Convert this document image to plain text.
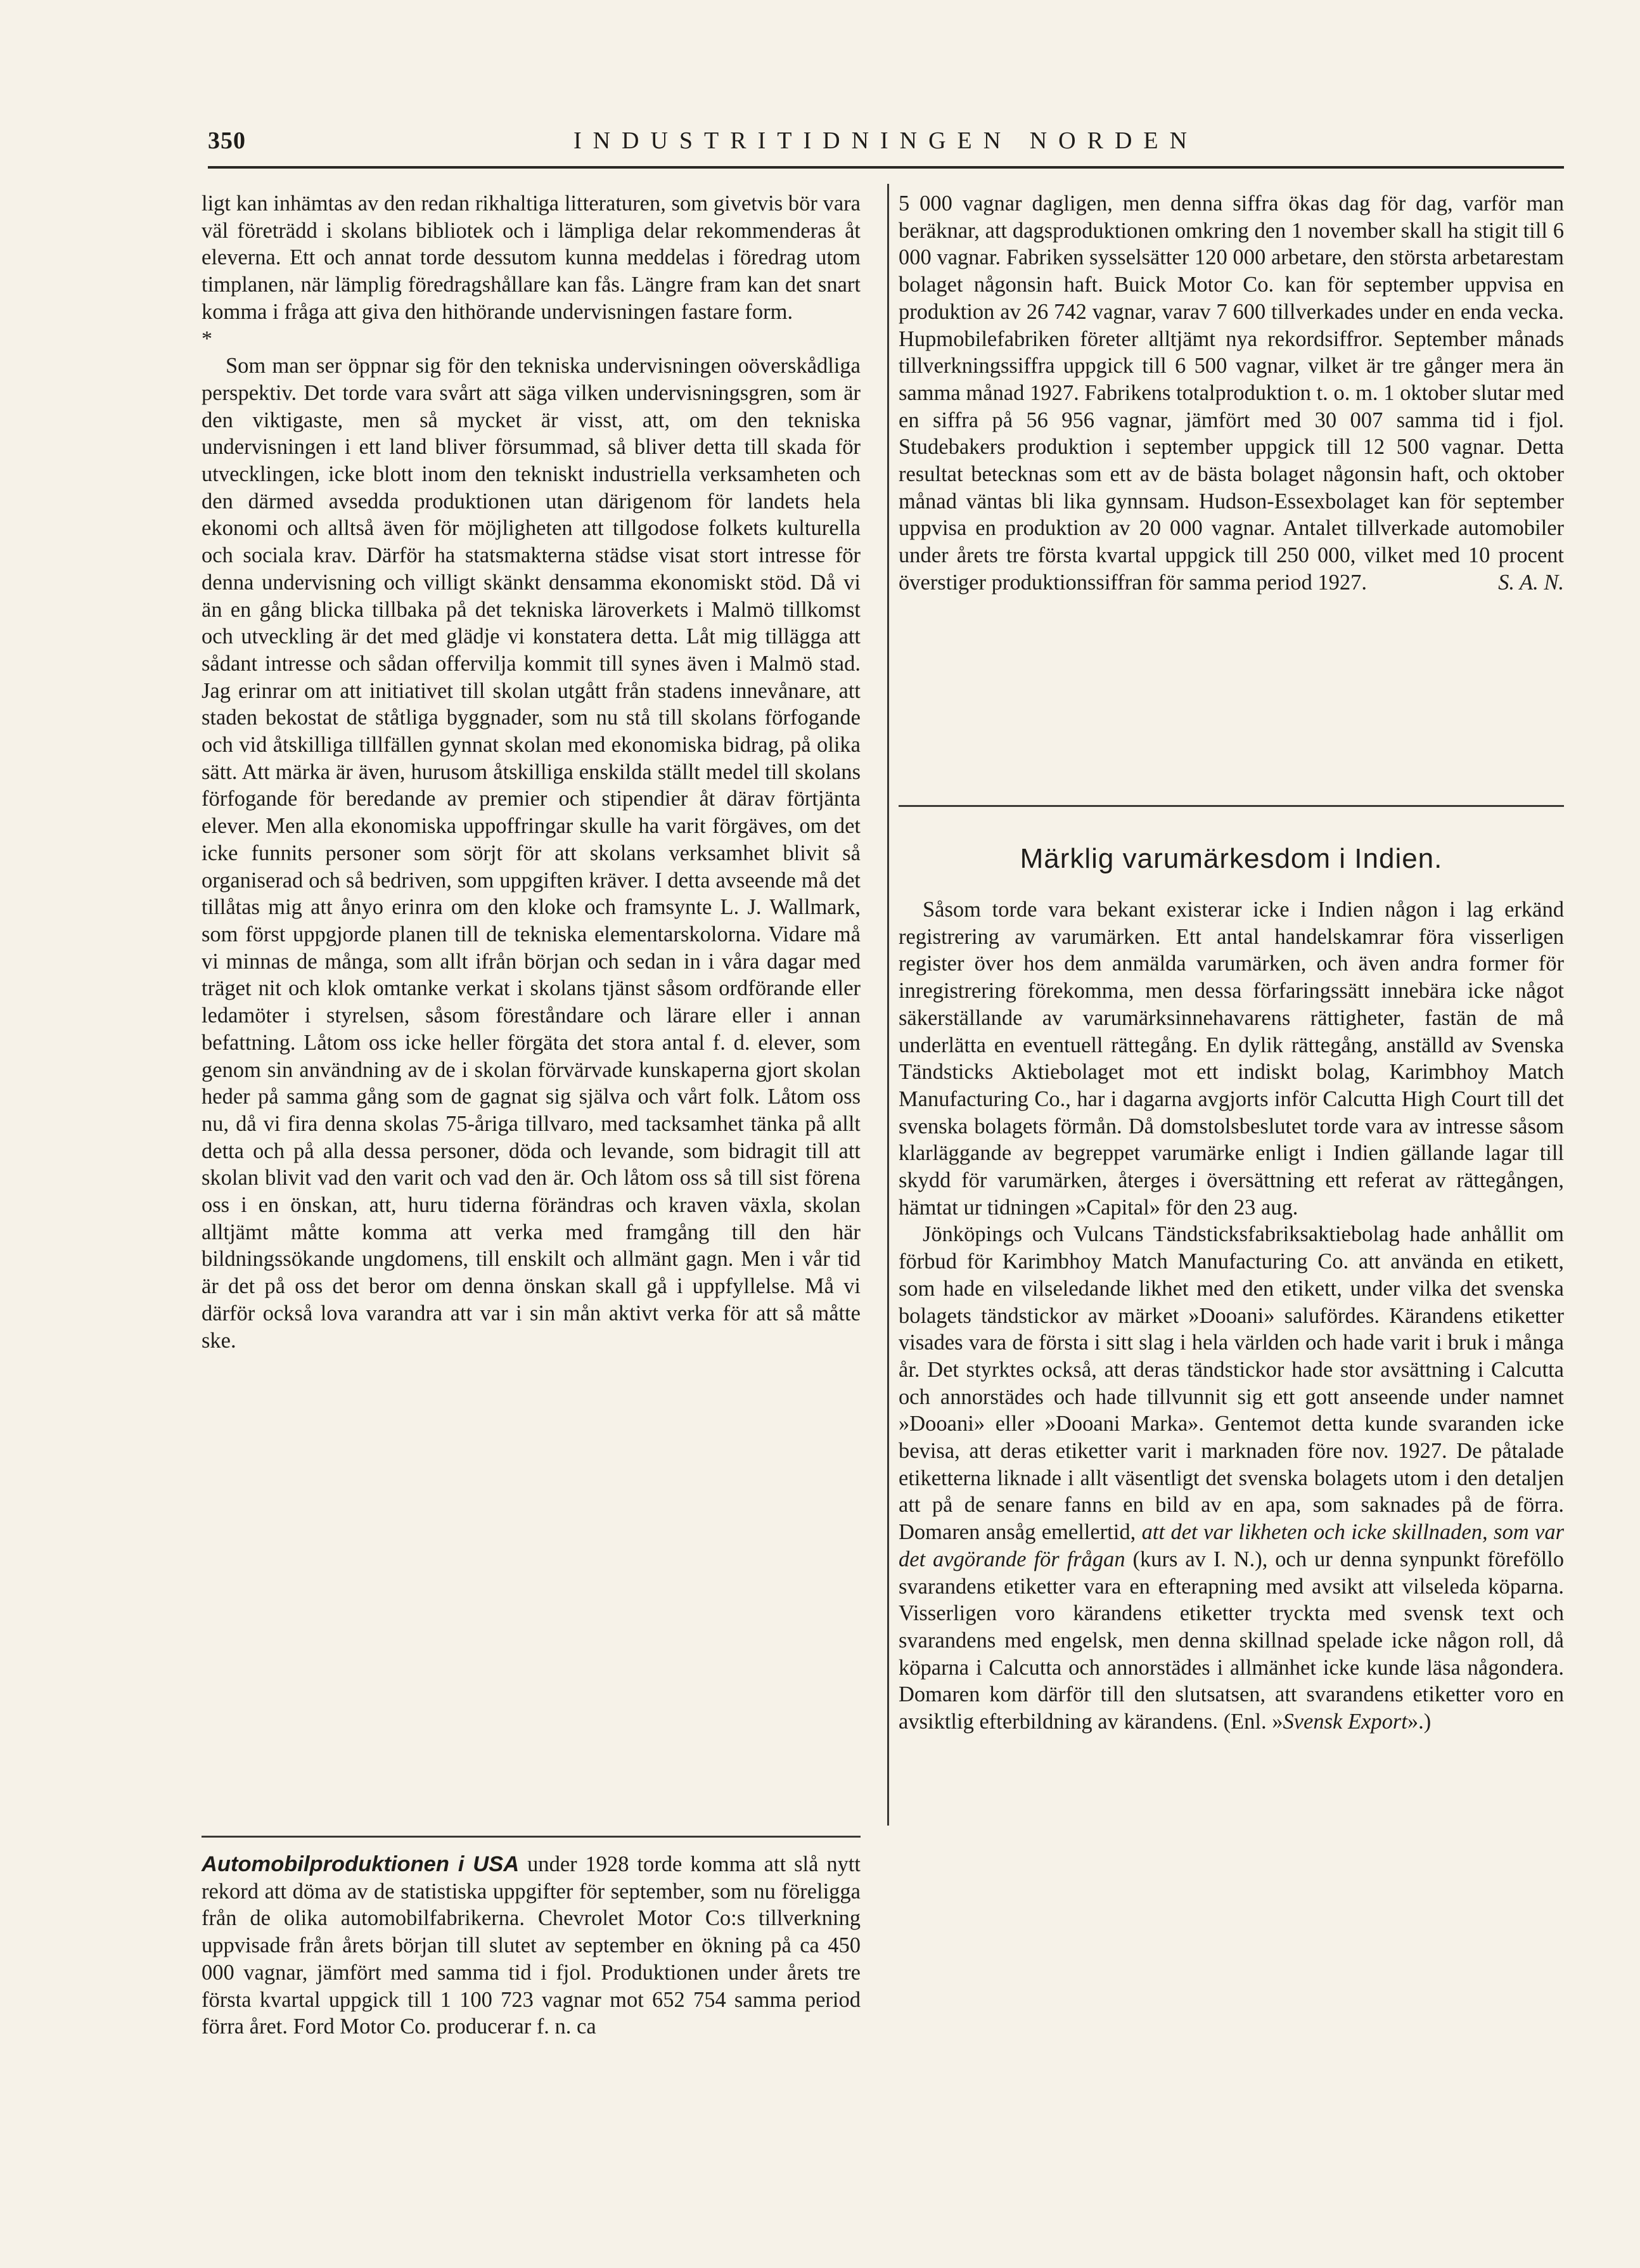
350	INDUSTRITIDNINGEN NORDEN

ligt kan inhämtas av den redan rikhaltiga litteraturen, som givetvis bör vara väl företrädd i skolans bibliotek och i lämpliga delar rekommenderas åt eleverna. Ett och annat torde dessutom kunna meddelas i föredrag utom timplanen, när lämplig föredragshållare kan fås. Längre fram kan det snart komma i fråga att giva den hithörande undervisningen fastare form.

*

Som man ser öppnar sig för den tekniska undervisningen oöverskådliga perspektiv. Det torde vara svårt att säga vilken undervisningsgren, som är den viktigaste, men så mycket är visst, att, om den tekniska undervisningen i ett land bliver försummad, så bliver detta till skada för utvecklingen, icke blott inom den tekniskt industriella verksamheten och den därmed avsedda produktionen utan därigenom för landets hela ekonomi och alltså även för möjligheten att tillgodose folkets kulturella och sociala krav. Därför ha statsmakterna städse visat stort intresse för denna undervisning och villigt skänkt densamma ekonomiskt stöd. Då vi än en gång blicka tillbaka på det tekniska läroverkets i Malmö tillkomst och utveckling är det med glädje vi konstatera detta. Låt mig tillägga att sådant intresse och sådan offervilja kommit till synes även i Malmö stad. Jag erinrar om att initiativet till skolan utgått från stadens innevånare, att staden bekostat de ståtliga byggnader, som nu stå till skolans förfogande och vid åtskilliga tillfällen gynnat skolan med ekonomiska bidrag, på olika sätt. Att märka är även, hurusom åtskilliga enskilda ställt medel till skolans förfogande för beredande av premier och stipendier åt därav förtjänta elever. Men alla ekonomiska uppoffringar skulle ha varit förgäves, om det icke funnits personer som sörjt för att skolans verksamhet blivit så organiserad och så bedriven, som uppgiften kräver. I detta avseende må det tillåtas mig att ånyo erinra om den kloke och framsynte L. J. Wallmark, som först uppgjorde planen till de tekniska elementarskolorna. Vidare må vi minnas de många, som allt ifrån början och sedan in i våra dagar med träget nit och klok omtanke verkat i skolans tjänst såsom ordförande eller ledamöter i styrelsen, såsom föreståndare och lärare eller i annan befattning. Låtom oss icke heller förgäta det stora antal f. d. elever, som genom sin användning av de i skolan förvärvade kunskaperna gjort skolan heder på samma gång som de gagnat sig själva och vårt folk. Låtom oss nu, då vi fira denna skolas 75-åriga tillvaro, med tacksamhet tänka på allt detta och på alla dessa personer, döda och levande, som bidragit till att skolan blivit vad den varit och vad den är. Och låtom oss så till sist förena oss i en önskan, att, huru tiderna förändras och kraven växla, skolan alltjämt måtte komma att verka med framgång till den här bildningssökande ungdomens, till enskilt och allmänt gagn. Men i vår tid är det på oss det beror om denna önskan skall gå i uppfyllelse. Må vi därför också lova varandra att var i sin mån aktivt verka för att så måtte ske.

Automobilproduktionen i USA under 1928 torde komma att slå nytt rekord att döma av de statistiska uppgifter för september, som nu föreligga från de olika automobilfabrikerna. Chevrolet Motor Co:s tillverkning uppvisade från årets början till slutet av september en ökning på ca 450 000 vagnar, jämfört med samma tid i fjol. Produktionen under årets tre första kvartal uppgick till 1 100 723 vagnar mot 652 754 samma period förra året. Ford Motor Co. producerar f. n. ca

5 000 vagnar dagligen, men denna siffra ökas dag för dag, varför man beräknar, att dagsproduktionen omkring den 1 november skall ha stigit till 6 000 vagnar. Fabriken sysselsätter 120 000 arbetare, den största arbetarestam bolaget någonsin haft. Buick Motor Co. kan för september uppvisa en produktion av 26 742 vagnar, varav 7 600 tillverkades under en enda vecka. Hupmobilefabriken företer alltjämt nya rekordsiffror. September månads tillverkningssiffra uppgick till 6 500 vagnar, vilket är tre gånger mera än samma månad 1927. Fabrikens totalproduktion t. o. m. 1 oktober slutar med en siffra på 56 956 vagnar, jämfört med 30 007 samma tid i fjol. Studebakers produktion i september uppgick till 12 500 vagnar. Detta resultat betecknas som ett av de bästa bolaget någonsin haft, och oktober månad väntas bli lika gynnsam. Hudson-Essexbolaget kan för september uppvisa en produktion av 20 000 vagnar. Antalet tillverkade automobiler under årets tre första kvartal uppgick till 250 000, vilket med 10 procent överstiger produktionssiffran för samma period 1927.	S. A. N.

Märklig varumärkesdom i Indien.

Såsom torde vara bekant existerar icke i Indien någon i lag erkänd registrering av varumärken. Ett antal handelskamrar föra visserligen register över hos dem anmälda varumärken, och även andra former för inregistrering förekomma, men dessa förfaringssätt innebära icke något säkerställande av varumärksinnehavarens rättigheter, fastän de må underlätta en eventuell rättegång. En dylik rättegång, anställd av Svenska Tändsticks Aktiebolaget mot ett indiskt bolag, Karimbhoy Match Manufacturing Co., har i dagarna avgjorts inför Calcutta High Court till det svenska bolagets förmån. Då domstolsbeslutet torde vara av intresse såsom klarläggande av begreppet varumärke enligt i Indien gällande lagar till skydd för varumärken, återges i översättning ett referat av rättegången, hämtat ur tidningen »Capital» för den 23 aug.

Jönköpings och Vulcans Tändsticksfabriksaktiebolag hade anhållit om förbud för Karimbhoy Match Manufacturing Co. att använda en etikett, som hade en vilseledande likhet med den etikett, under vilka det svenska bolagets tändstickor av märket »Dooani» salufördes. Kärandens etiketter visades vara de första i sitt slag i hela världen och hade varit i bruk i många år. Det styrktes också, att deras tändstickor hade stor avsättning i Calcutta och annorstädes och hade tillvunnit sig ett gott anseende under namnet »Dooani» eller »Dooani Marka». Gentemot detta kunde svaranden icke bevisa, att deras etiketter varit i marknaden före nov. 1927. De påtalade etiketterna liknade i allt väsentligt det svenska bolagets utom i den detaljen att på de senare fanns en bild av en apa, som saknades på de förra. Domaren ansåg emellertid, att det var likheten och icke skillnaden, som var det avgörande för frågan (kurs av I. N.), och ur denna synpunkt föreföllo svarandens etiketter vara en efterapning med avsikt att vilseleda köparna. Visserligen voro kärandens etiketter tryckta med svensk text och svarandens med engelsk, men denna skillnad spelade icke någon roll, då köparna i Calcutta och annorstädes i allmänhet icke kunde läsa någondera. Domaren kom därför till den slutsatsen, att svarandens etiketter voro en avsiktlig efterbildning av kärandens. (Enl. »Svensk Export».)
